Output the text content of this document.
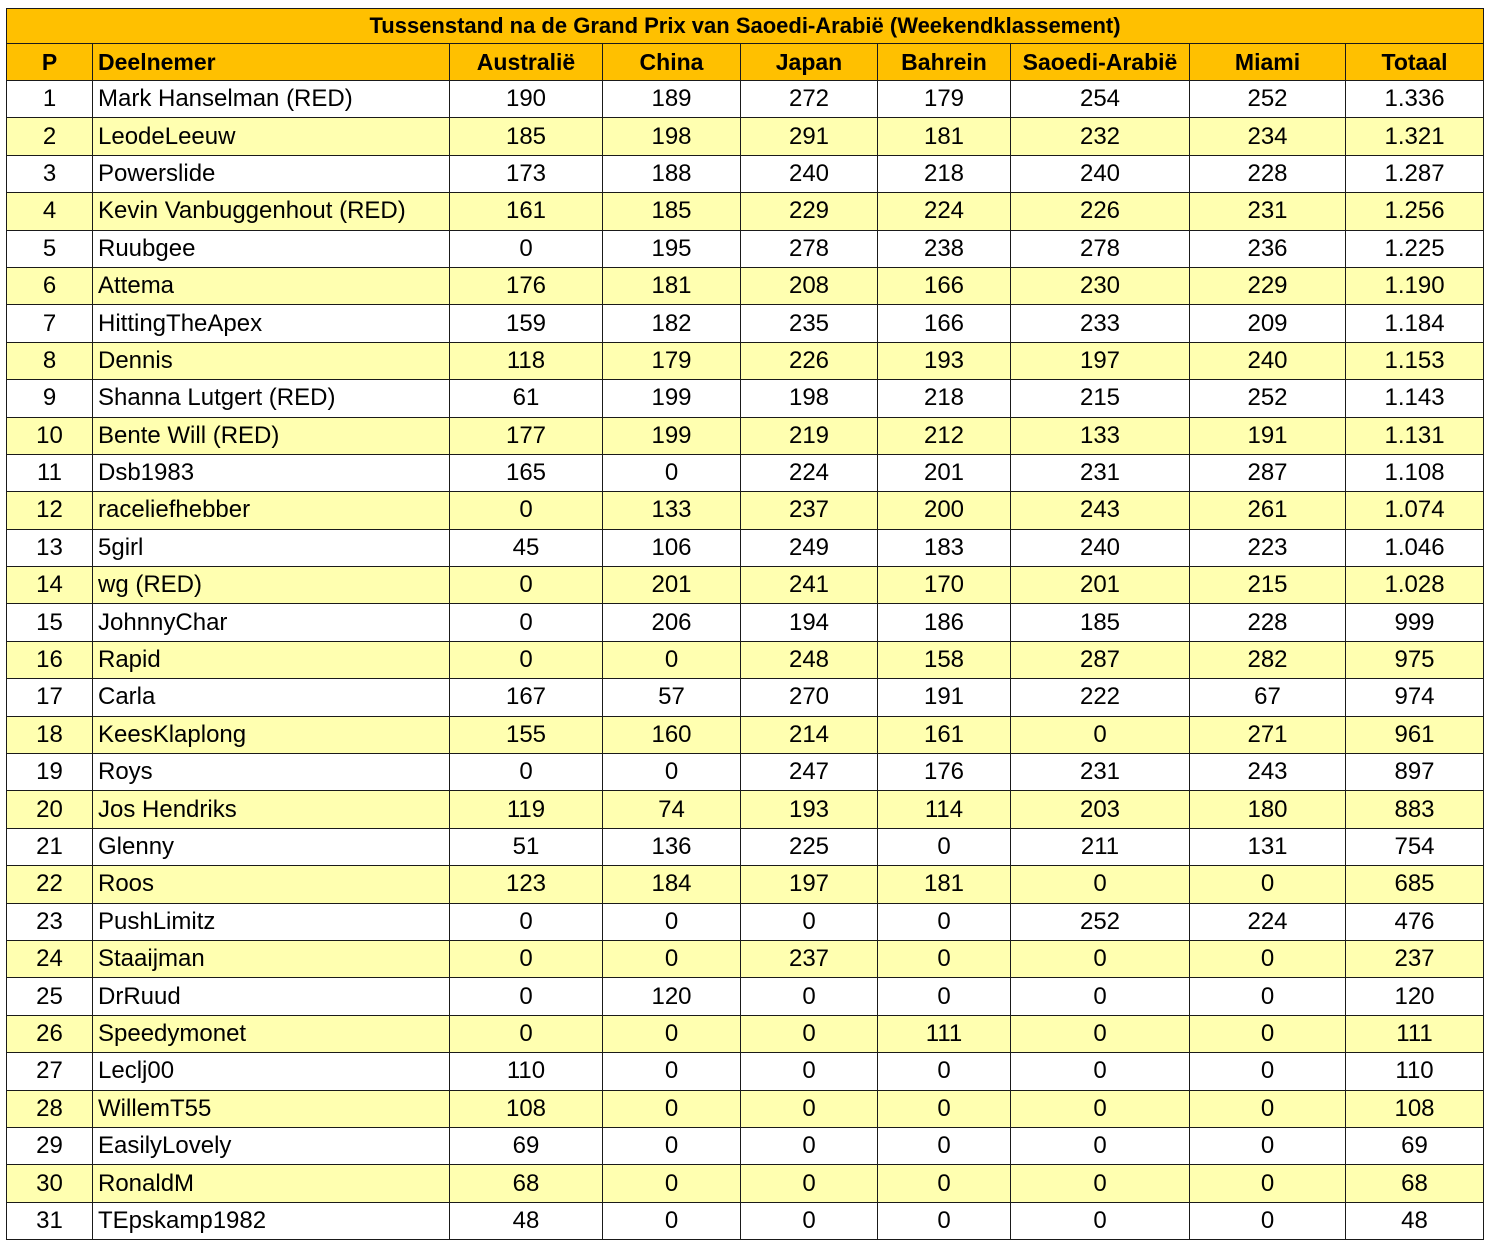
Tussenstand na de Grand Prix van Saoedi-Arabië (Weekendklassement)								
P	Deelnemer	Australië	China	Japan	Bahrein	Saoedi-Arabië	Miami	Totaal
1	Mark Hanselman (RED)	190	189	272	179	254	252	1.336
2	LeodeLeeuw	185	198	291	181	232	234	1.321
3	Powerslide	173	188	240	218	240	228	1.287
4	Kevin Vanbuggenhout (RED)	161	185	229	224	226	231	1.256
5	Ruubgee	0	195	278	238	278	236	1.225
6	Attema	176	181	208	166	230	229	1.190
7	HittingTheApex	159	182	235	166	233	209	1.184
8	Dennis	118	179	226	193	197	240	1.153
9	Shanna Lutgert (RED)	61	199	198	218	215	252	1.143
10	Bente Will (RED)	177	199	219	212	133	191	1.131
11	Dsb1983	165	0	224	201	231	287	1.108
12	raceliefhebber	0	133	237	200	243	261	1.074
13	5girl	45	106	249	183	240	223	1.046
14	wg (RED)	0	201	241	170	201	215	1.028
15	JohnnyChar	0	206	194	186	185	228	999
16	Rapid	0	0	248	158	287	282	975
17	Carla	167	57	270	191	222	67	974
18	KeesKlaplong	155	160	214	161	0	271	961
19	Roys	0	0	247	176	231	243	897
20	Jos Hendriks	119	74	193	114	203	180	883
21	Glenny	51	136	225	0	211	131	754
22	Roos	123	184	197	181	0	0	685
23	PushLimitz	0	0	0	0	252	224	476
24	Staaijman	0	0	237	0	0	0	237
25	DrRuud	0	120	0	0	0	0	120
26	Speedymonet	0	0	0	111	0	0	111
27	Leclj00	110	0	0	0	0	0	110
28	WillemT55	108	0	0	0	0	0	108
29	EasilyLovely	69	0	0	0	0	0	69
30	RonaldM	68	0	0	0	0	0	68
31	TEpskamp1982	48	0	0	0	0	0	48
